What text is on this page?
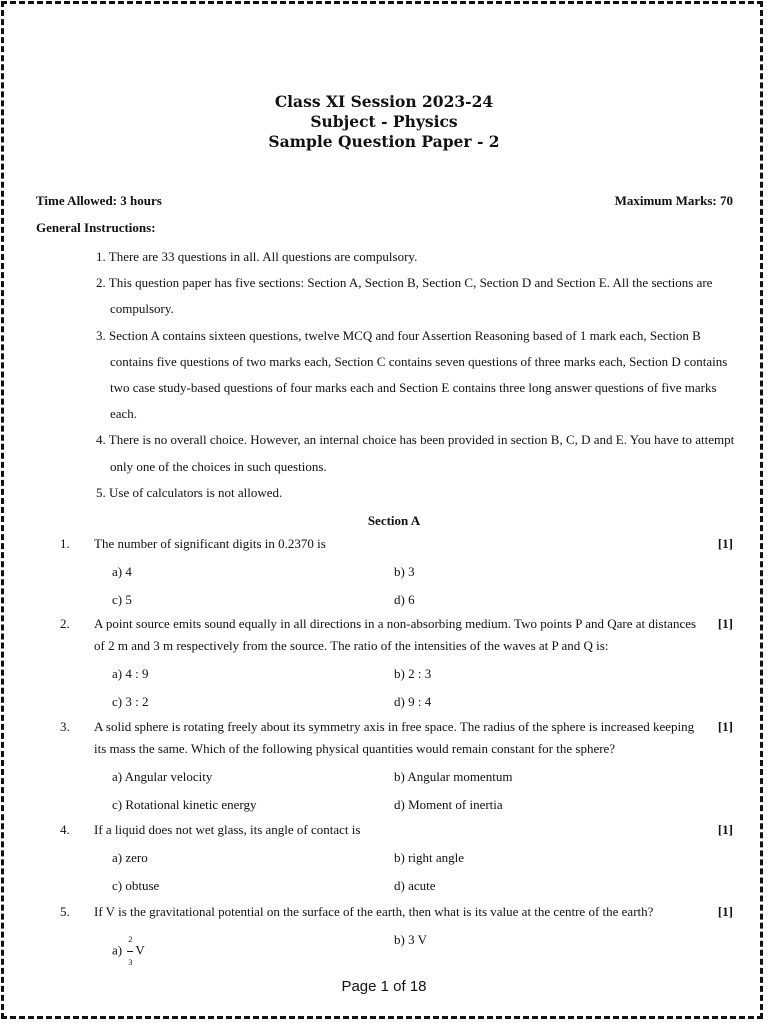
Class XI Session 2023-24
Subject - Physics
Sample Question Paper - 2
Time Allowed: 3 hours	Maximum Marks: 70
General Instructions:
1. There are 33 questions in all. All questions are compulsory.
2. This question paper has five sections: Section A, Section B, Section C, Section D and Section E. All the sections are compulsory.
3. Section A contains sixteen questions, twelve MCQ and four Assertion Reasoning based of 1 mark each, Section B contains five questions of two marks each, Section C contains seven questions of three marks each, Section D contains two case study-based questions of four marks each and Section E contains three long answer questions of five marks each.
4. There is no overall choice. However, an internal choice has been provided in section B, C, D and E. You have to attempt only one of the choices in such questions.
5. Use of calculators is not allowed.
Section A
1.	The number of significant digits in 0.2370 is	[1]
a) 4	b) 3
c) 5	d) 6
2.	A point source emits sound equally in all directions in a non-absorbing medium. Two points P and Qare at distances of 2 m and 3 m respectively from the source. The ratio of the intensities of the waves at P and Q is:
[1]
a) 4 : 9	b) 2 : 3
c) 3 : 2	d) 9 : 4
3.	A solid sphere is rotating freely about its symmetry axis in free space. The radius of the sphere is increased keeping its mass the same. Which of the following physical quantities would remain constant for the sphere?
[1]
a) Angular velocity	b) Angular momentum
c) Rotational kinetic energy	d) Moment of inertia
4.	If a liquid does not wet glass, its angle of contact is	[1]
a) zero	b) right angle
c) obtuse	d) acute
5.	If V is the gravitational potential on the surface of the earth, then what is its value at the centre of the earth?	[1]
$a) \frac{2}{3}$ V
b) 3 V
Page 1 of 18
